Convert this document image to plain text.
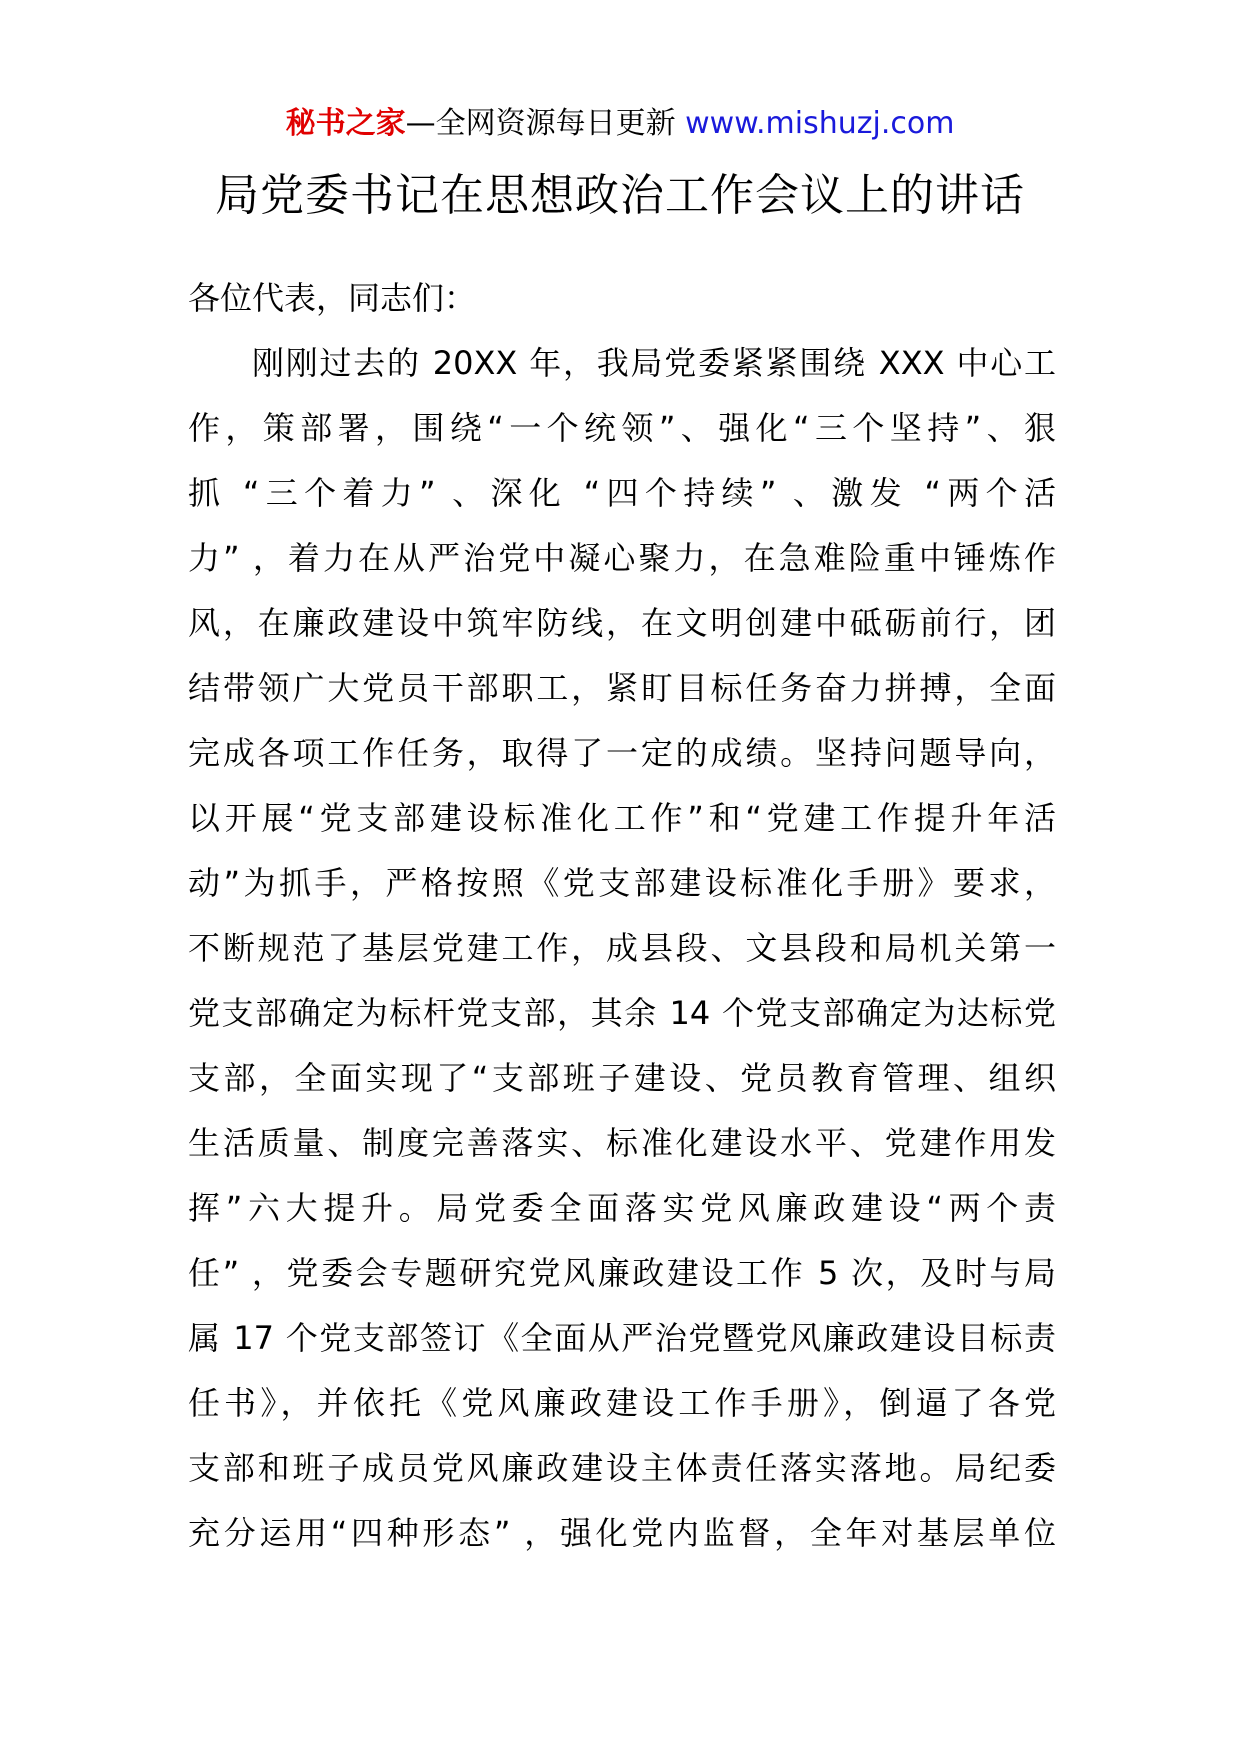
秘书之家—全网资源每日更新 www.mishuzj.com
局党委书记在思想政治工作会议上的讲话

各位代表，同志们：

刚刚过去的 20XX 年，我局党委紧紧围绕 XXX 中心工
作，策部署，围绕“一个统领”、强化“三个坚持”、狠
抓 “三个着力” 、深化 “四个持续” 、激发 “两个活
力” ，着力在从严治党中凝心聚力，在急难险重中锤炼作
风，在廉政建设中筑牢防线，在文明创建中砥砺前行，团
结带领广大党员干部职工，紧盯目标任务奋力拼搏，全面
完成各项工作任务，取得了一定的成绩。坚持问题导向，
以开展“党支部建设标准化工作”和“党建工作提升年活
动”为抓手，严格按照《党支部建设标准化手册》要求，
不断规范了基层党建工作，成县段、文县段和局机关第一
党支部确定为标杆党支部，其余 14 个党支部确定为达标党
支部，全面实现了“支部班子建设、党员教育管理、组织
生活质量、制度完善落实、标准化建设水平、党建作用发
挥”六大提升。局党委全面落实党风廉政建设“两个责
任” ，党委会专题研究党风廉政建设工作 5 次，及时与局
属 17 个党支部签订《全面从严治党暨党风廉政建设目标责
任书》，并依托《党风廉政建设工作手册》，倒逼了各党
支部和班子成员党风廉政建设主体责任落实落地。局纪委
充分运用“四种形态” ，强化党内监督，全年对基层单位
